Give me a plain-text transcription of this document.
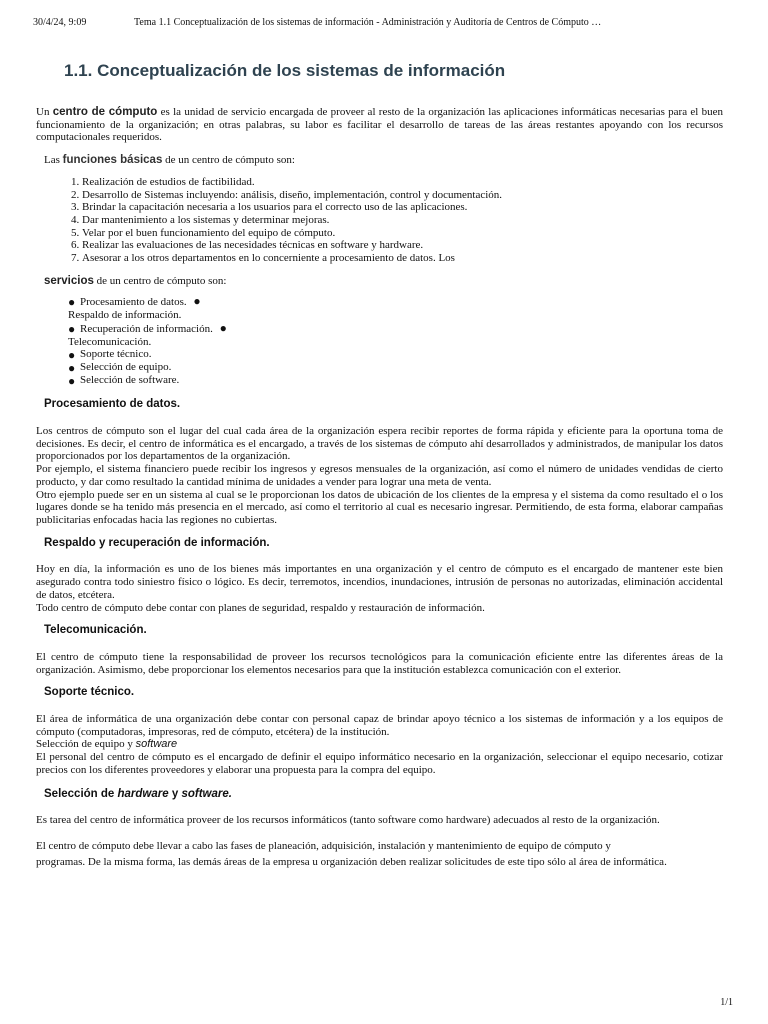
30/4/24, 9:09	Tema 1.1 Conceptualización de los sistemas de información - Administración y Auditoría de Centros de Cómputo …
1.1. Conceptualización de los sistemas de información

Un centro de cómputo es la unidad de servicio encargada de proveer al resto de la organización las aplicaciones informáticas necesarias para el buen funcionamiento de la organización; en otras palabras, su labor es facilitar el desarrollo de tareas de las áreas restantes apoyando con los recursos computacionales requeridos.

Las funciones básicas de un centro de cómputo son:

1. Realización de estudios de factibilidad.
2. Desarrollo de Sistemas incluyendo: análisis, diseño, implementación, control y documentación.
3. Brindar la capacitación necesaria a los usuarios para el correcto uso de las aplicaciones.
4. Dar mantenimiento a los sistemas y determinar mejoras.
5. Velar por el buen funcionamiento del equipo de cómputo.
6. Realizar las evaluaciones de las necesidades técnicas en software y hardware.
7. Asesorar a los otros departamentos en lo concerniente a procesamiento de datos. Los

servicios de un centro de cómputo son:

● Procesamiento de datos. ●
Respaldo de información.
● Recuperación de información. ●
Telecomunicación.
● Soporte técnico.
● Selección de equipo.
● Selección de software.
Procesamiento de datos.

Los centros de cómputo son el lugar del cual cada área de la organización espera recibir reportes de forma rápida y eficiente para la oportuna toma de decisiones. Es decir, el centro de informática es el encargado, a través de los sistemas de cómputo ahí desarrollados y administrados, de manipular los datos proporcionados por los departamentos de la organización.

Por ejemplo, el sistema financiero puede recibir los ingresos y egresos mensuales de la organización, así como el número de unidades vendidas de cierto producto, y dar como resultado la cantidad mínima de unidades a vender para lograr una meta de venta.

Otro ejemplo puede ser en un sistema al cual se le proporcionan los datos de ubicación de los clientes de la empresa y el sistema da como resultado el o los lugares donde se ha tenido más presencia en el mercado, así como el territorio al cual es necesario ingresar. Permitiendo, de esta forma, elaborar campañas publicitarias enfocadas hacia las regiones no cubiertas.

Respaldo y recuperación de información.

Hoy en día, la información es uno de los bienes más importantes en una organización y el centro de cómputo es el encargado de mantener este bien asegurado contra todo siniestro físico o lógico. Es decir, terremotos, incendios, inundaciones, intrusión de personas no autorizadas, eliminación accidental de datos, etcétera.

Todo centro de cómputo debe contar con planes de seguridad, respaldo y restauración de información.

Telecomunicación.

El centro de cómputo tiene la responsabilidad de proveer los recursos tecnológicos para la comunicación eficiente entre las diferentes áreas de la organización. Asimismo, debe proporcionar los elementos necesarios para que la institución establezca comunicación con el exterior.

Soporte técnico.

El área de informática de una organización debe contar con personal capaz de brindar apoyo técnico a los sistemas de información y a los equipos de cómputo (computadoras, impresoras, red de cómputo, etcétera) de la institución.

Selección de equipo y software

El personal del centro de cómputo es el encargado de definir el equipo informático necesario en la organización, seleccionar el equipo necesario, cotizar precios con los diferentes proveedores y elaborar una propuesta para la compra del equipo.

Selección de hardware y software.

Es tarea del centro de informática proveer de los recursos informáticos (tanto software como hardware) adecuados al resto de la organización.

El centro de cómputo debe llevar a cabo las fases de planeación, adquisición, instalación y mantenimiento de equipo de cómputo y

programas. De la misma forma, las demás áreas de la empresa u organización deben realizar solicitudes de este tipo sólo al área de informática.

1/1
